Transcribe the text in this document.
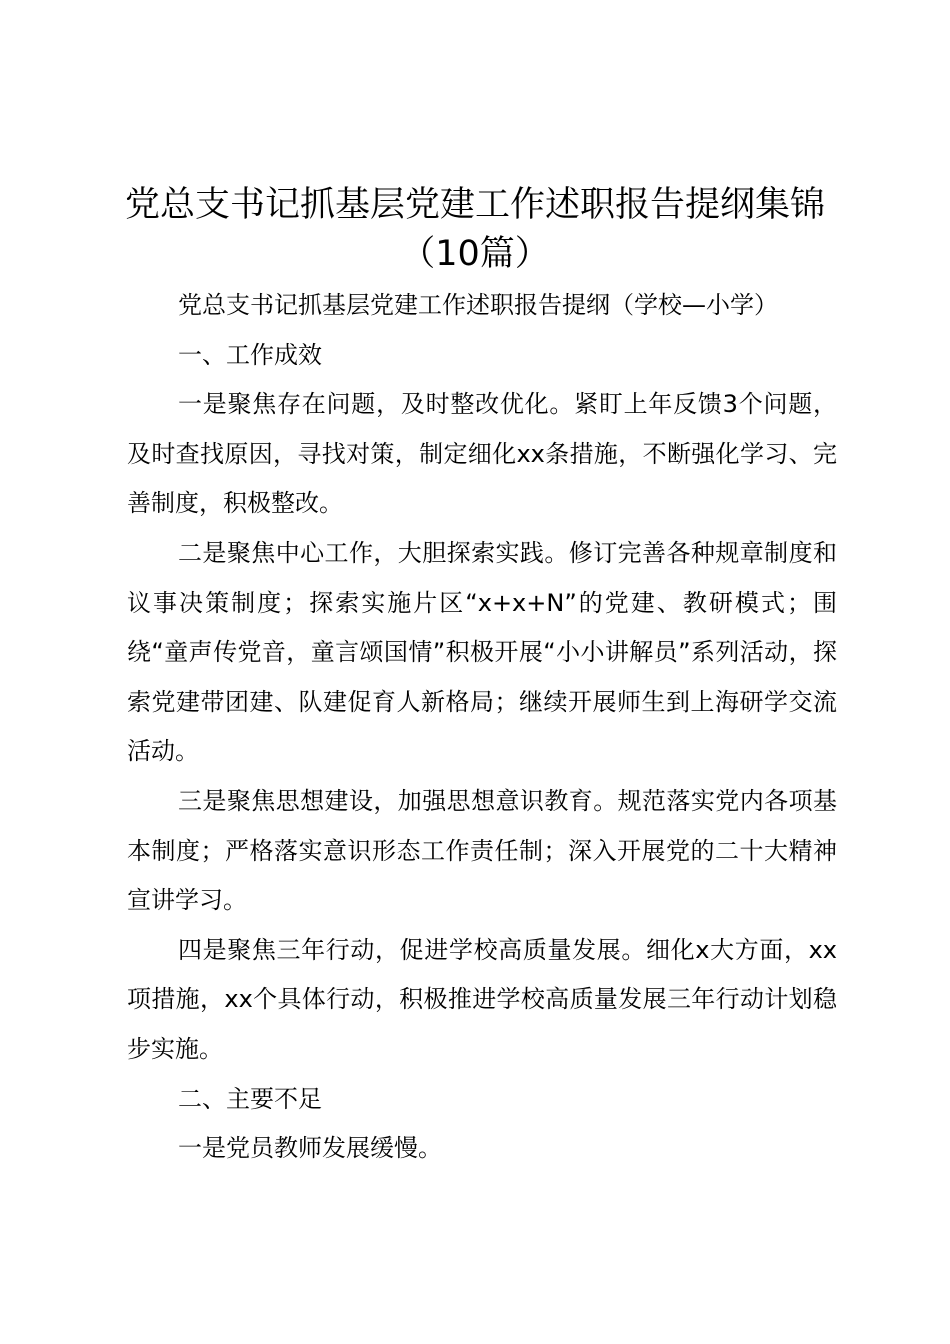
党总支书记抓基层党建工作述职报告提纲集锦
（10篇）

党总支书记抓基层党建工作述职报告提纲（学校—小学）

一、工作成效

一是聚焦存在问题，及时整改优化。紧盯上年反馈3个问题，及时查找原因，寻找对策，制定细化xx条措施，不断强化学习、完善制度，积极整改。

二是聚焦中心工作，大胆探索实践。修订完善各种规章制度和议事决策制度；探索实施片区“x+x+N”的党建、教研模式；围绕“童声传党音，童言颂国情”积极开展“小小讲解员”系列活动，探索党建带团建、队建促育人新格局；继续开展师生到上海研学交流活动。

三是聚焦思想建设，加强思想意识教育。规范落实党内各项基本制度；严格落实意识形态工作责任制；深入开展党的二十大精神宣讲学习。

四是聚焦三年行动，促进学校高质量发展。细化x大方面，xx项措施，xx个具体行动，积极推进学校高质量发展三年行动计划稳步实施。

二、主要不足

一是党员教师发展缓慢。
